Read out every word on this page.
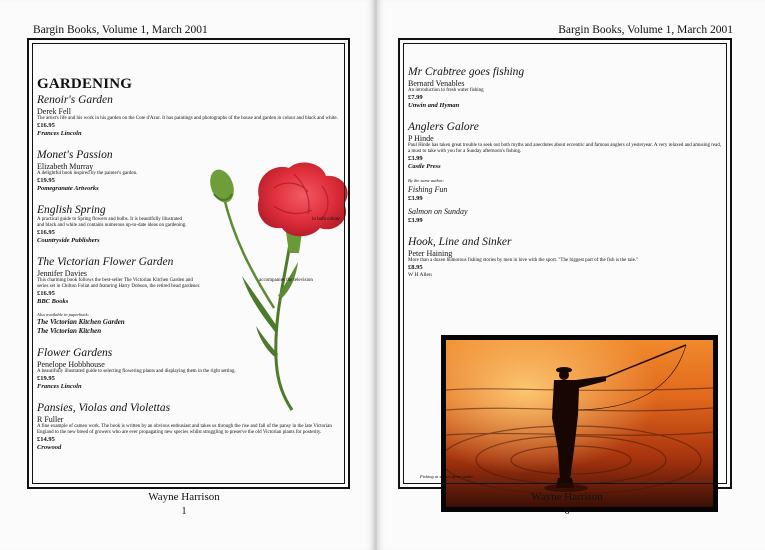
Bargin Books, Volume 1, March 2001

GARDENING
Renoir's Garden
Derek Fell
The artist's life and his work in his garden on the Cote d'Azur. It has paintings and photographs of the house and garden in colour and black and white.
£16.95
Frances Lincoln
Monet's Passion
Elizabeth Murray
A delightful book inspired by the painter's garden.
£19.95
Pomegranate Artworks
English Spring
A practical guide to Spring flowers and bulbs. It is beautifully illustrated	in both colour
and black and white and contains numerous up-to-date ideas on gardening.
£16.95
Countryside Publishers
The Victorian Flower Garden
Jennifer Davies
This charming book follows the best-seller The Victorian Kitchen Garden and	accompanies the television
series set in Chilton Foliat and featuring Harry Dobson, the retired head gardener.
£16.95
BBC Books
Also available in paperback:
The Victorian Kitchen Garden
The Victorian Kitchen
Flower Gardens
Penelope Hobbhouse
A beautifully illustrated guide to selecting flowering plants and displaying them in the right setting.
£19.95
Frances Lincoln
Pansies, Violas and Violettas
R Fuller
A fine example of cameo work. The book is written by an obvious enthusiast and takes us through the rise and fall of the pansy in the late Victorian England to the new breed of growers who are ever propagating new species whilst struggling to preserve the old Victorian plants for posterity.
£14.95
Crowood
Wayne Harrison
1
Bargin Books, Volume 1, March 2001
Mr Crabtree goes fishing
Bernard Venables
An introduction to fresh water fishing
£7.99
Unwin and Hyman
Anglers Galore
P Hinde
Paul Hinde has taken great trouble to seek out both myths and anecdotes about eccentric and famous anglers of yesteryear. A very relaxed and amusing read, a must to take with you for a Sunday afternoon's fishing.
£3.99
Castle Press
By the same author:
Fishing Fun
£3.99
Salmon on Sunday
£3.99
Hook, Line and Sinker
Peter Haining
More than a dozen humorous fishing stories by men in love with the sport. "The biggest part of the fish is the tale."
£8.95
W H Allen
Fishing at sunset down under
Wayne Harrison
6
